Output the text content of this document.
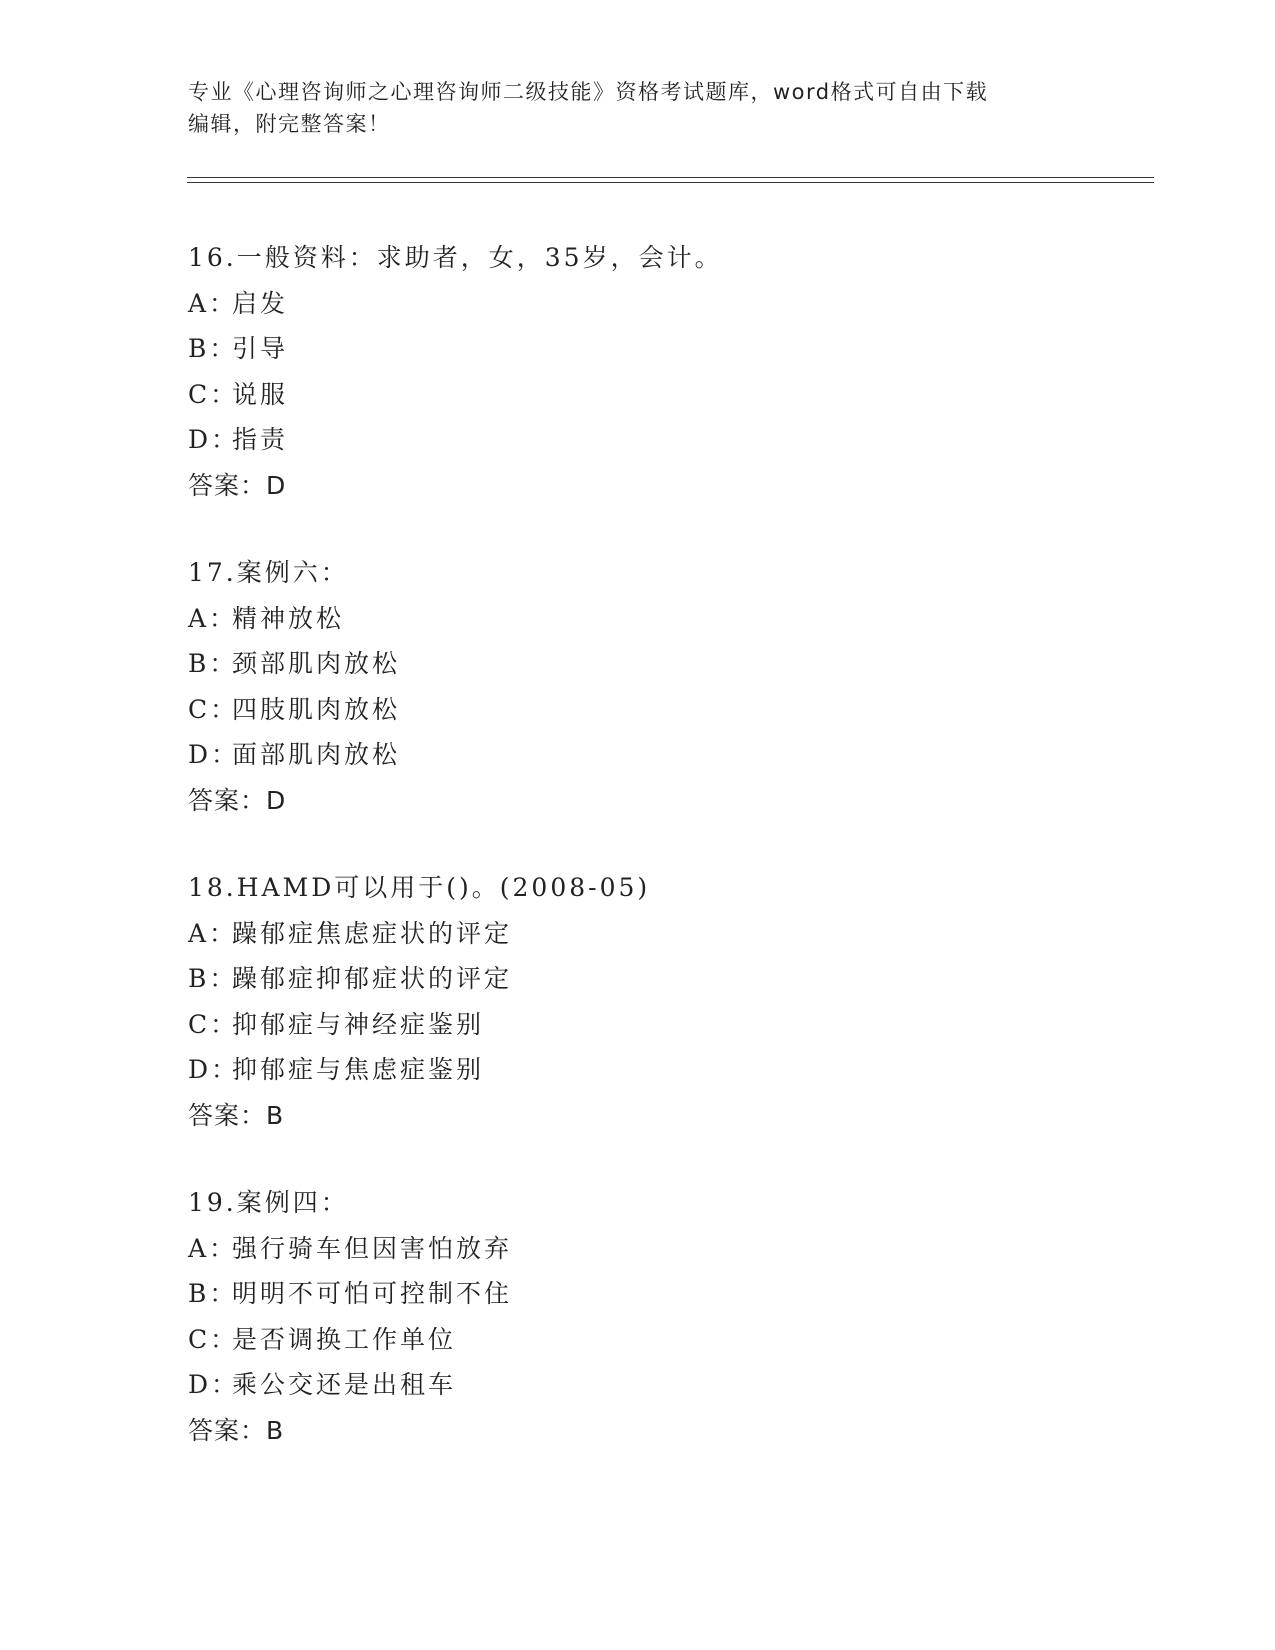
专业《心理咨询师之心理咨询师二级技能》资格考试题库，word格式可自由下载
编辑，附完整答案！
16.一般资料：求助者，女，35岁，会计。
A：启发
B：引导
C：说服
D：指责
答案：D
17.案例六：
A：精神放松
B：颈部肌肉放松
C：四肢肌肉放松
D：面部肌肉放松
答案：D
18.HAMD可以用于()。(2008-05)
A：躁郁症焦虑症状的评定
B：躁郁症抑郁症状的评定
C：抑郁症与神经症鉴别
D：抑郁症与焦虑症鉴别
答案：B
19.案例四：
A：强行骑车但因害怕放弃
B：明明不可怕可控制不住
C：是否调换工作单位
D：乘公交还是出租车
答案：B
